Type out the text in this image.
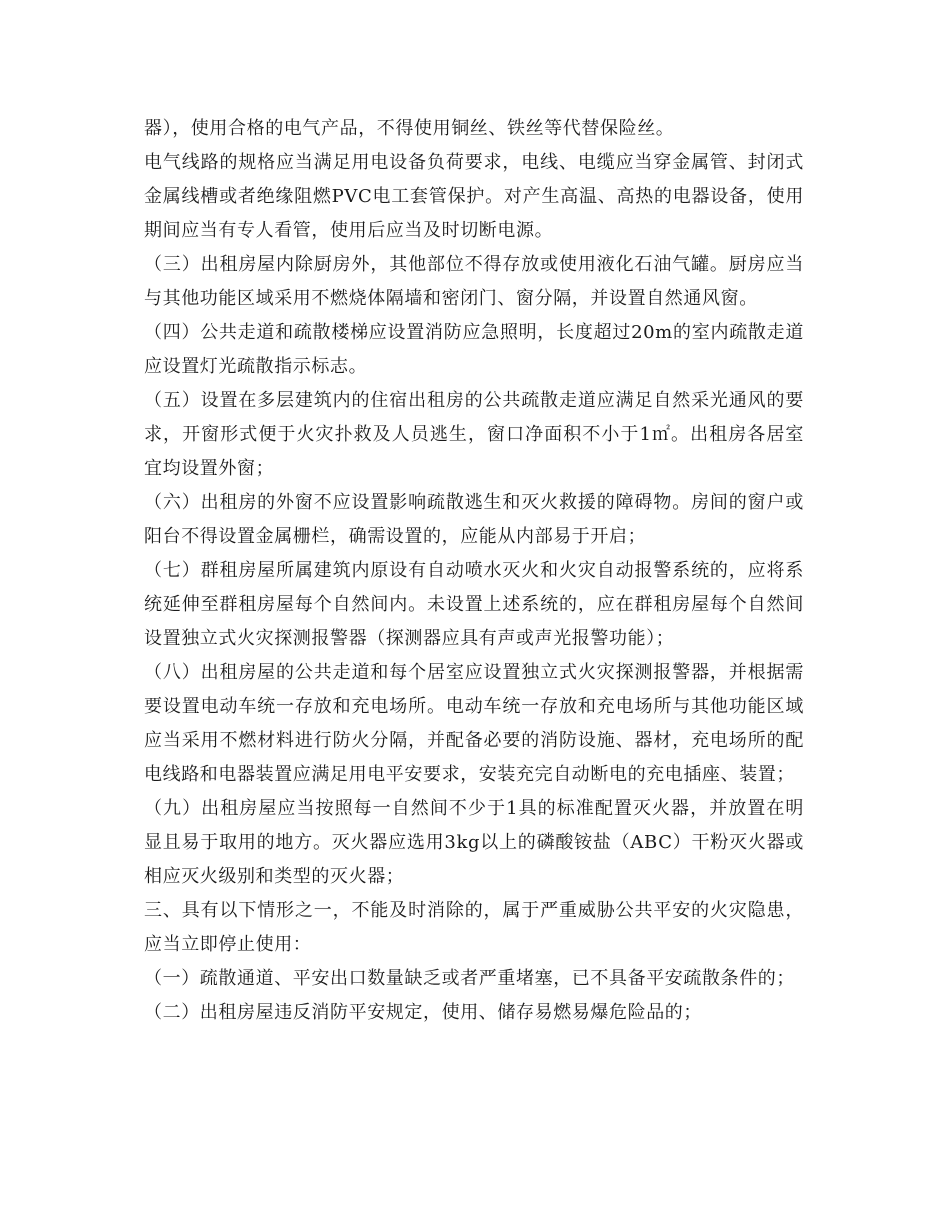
器），使用合格的电气产品，不得使用铜丝、铁丝等代替保险丝。

电气线路的规格应当满足用电设备负荷要求，电线、电缆应当穿金属管、封闭式金属线槽或者绝缘阻燃PVC电工套管保护。对产生高温、高热的电器设备，使用期间应当有专人看管，使用后应当及时切断电源。

（三）出租房屋内除厨房外，其他部位不得存放或使用液化石油气罐。厨房应当与其他功能区域采用不燃烧体隔墙和密闭门、窗分隔，并设置自然通风窗。

（四）公共走道和疏散楼梯应设置消防应急照明，长度超过20m的室内疏散走道应设置灯光疏散指示标志。

（五）设置在多层建筑内的住宿出租房的公共疏散走道应满足自然采光通风的要求，开窗形式便于火灾扑救及人员逃生，窗口净面积不小于1㎡。出租房各居室宜均设置外窗；

（六）出租房的外窗不应设置影响疏散逃生和灭火救援的障碍物。房间的窗户或阳台不得设置金属栅栏，确需设置的，应能从内部易于开启；

（七）群租房屋所属建筑内原设有自动喷水灭火和火灾自动报警系统的，应将系统延伸至群租房屋每个自然间内。未设置上述系统的，应在群租房屋每个自然间设置独立式火灾探测报警器（探测器应具有声或声光报警功能）；

（八）出租房屋的公共走道和每个居室应设置独立式火灾探测报警器，并根据需要设置电动车统一存放和充电场所。电动车统一存放和充电场所与其他功能区域应当采用不燃材料进行防火分隔，并配备必要的消防设施、器材，充电场所的配电线路和电器装置应满足用电平安要求，安装充完自动断电的充电插座、装置；

（九）出租房屋应当按照每一自然间不少于1具的标准配置灭火器，并放置在明显且易于取用的地方。灭火器应选用3kg以上的磷酸铵盐（ABC）干粉灭火器或相应灭火级别和类型的灭火器；

三、具有以下情形之一，不能及时消除的，属于严重威胁公共平安的火灾隐患，应当立即停止使用：

（一）疏散通道、平安出口数量缺乏或者严重堵塞，已不具备平安疏散条件的；

（二）出租房屋违反消防平安规定，使用、储存易燃易爆危险品的；
